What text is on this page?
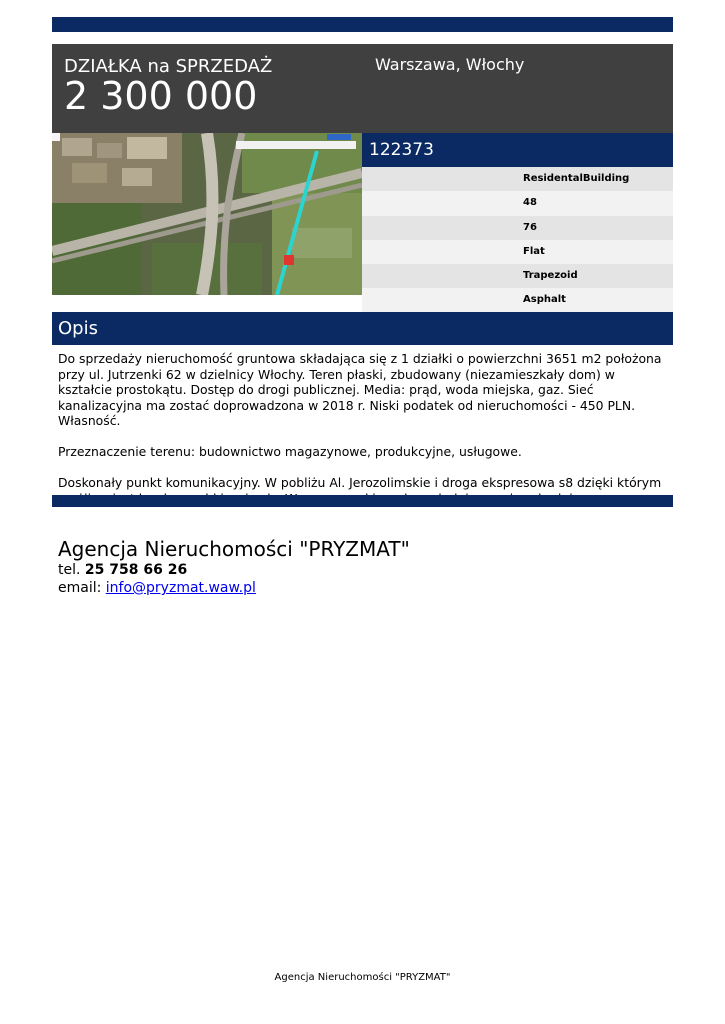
DZIAŁKA na SPRZEDAŻ
2 300 000
Warszawa, Włochy
122373
ResidentalBuilding
48
76
Flat
Trapezoid
Asphalt
Opis

Do sprzedaży nieruchomość gruntowa składająca się z 1 działki o powierzchni 3651 m2 położona przy ul. Jutrzenki 62 w dzielnicy Włochy. Teren płaski, zbudowany (niezamieszkały dom) w kształcie prostokątu. Dostęp do drogi publicznej. Media: prąd, woda miejska, gaz. Sieć kanalizacyjna ma zostać doprowadzona w 2018 r. Niski podatek od nieruchomości - 450 PLN. Własność.

Przeznaczenie terenu: budownictwo magazynowe, produkcyjne, usługowe.

Doskonały punkt komunikacyjny. W pobliżu Al. Jerozolimskie i droga ekspresowa s8 dzięki którym

Agencja Nieruchomości "PRYZMAT"
tel. 25 758 66 26
email: info@pryzmat.waw.pl
Agencja Nieruchomości "PRYZMAT"
